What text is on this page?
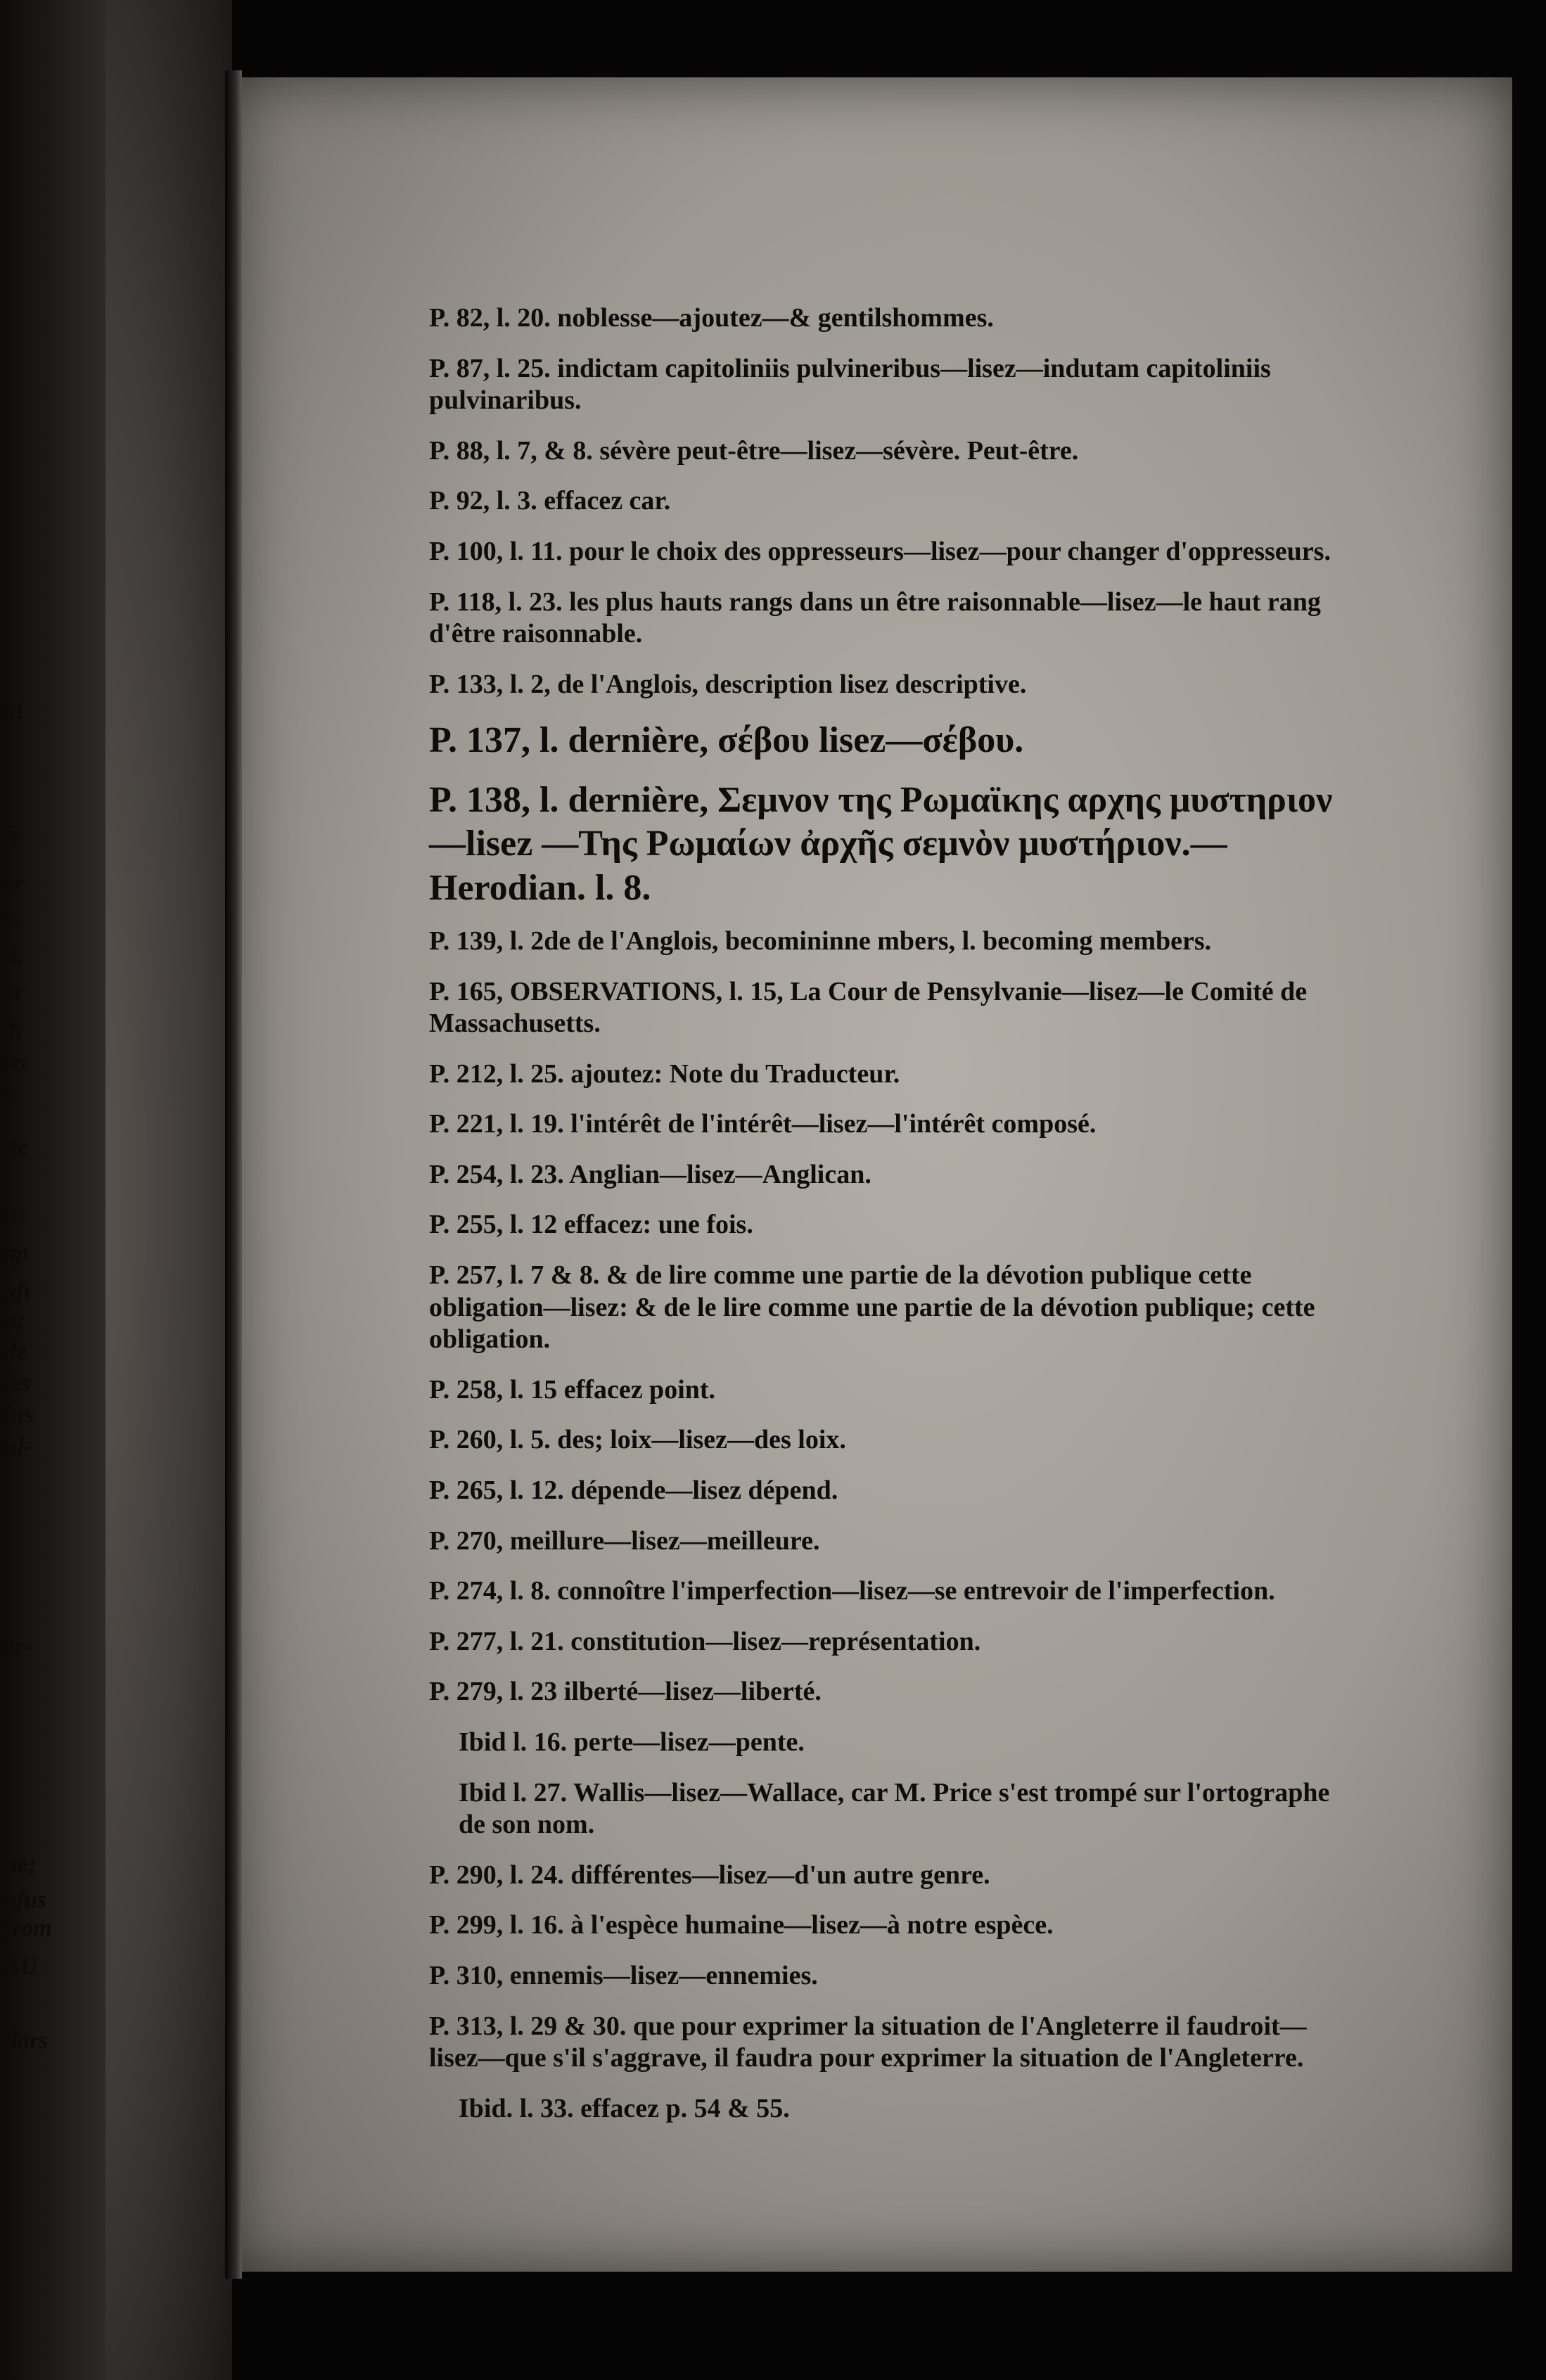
ni
ir
er
s-
n,
er
T,
ro
s-
ite
u-
ap
aft
n;
de
les
ins
ul-
er-
ne;
ofus
from
AU
llars
P. 82, l. 20. noblesse—ajoutez—& gentilshommes.
P. 87, l. 25. indictam capitoliniis pulvineribus—lisez—indutam capitoliniis pulvinaribus.
P. 88, l. 7, & 8. sévère peut-être—lisez—sévère. Peut-être.
P. 92, l. 3. effacez car.
P. 100, l. 11. pour le choix des oppresseurs—lisez—pour changer d'oppresseurs.
P. 118, l. 23. les plus hauts rangs dans un être raisonnable—lisez—le haut rang d'être raisonnable.
P. 133, l. 2, de l'Anglois, description lisez descriptive.
P. 137, l. dernière, σέβου lisez—σέβου.
P. 138, l. dernière, Σεμνον της Ρωμαϊκης αρχης μυστηριον—lisez —Της Ρωμαίων ἀρχῆς σεμνὸν μυστήριον.—Herodian. l. 8.
P. 139, l. 2de de l'Anglois, becomininne mbers, l. becoming members.
P. 165, OBSERVATIONS, l. 15, La Cour de Pensylvanie—lisez—le Comité de Massachusetts.
P. 212, l. 25. ajoutez: Note du Traducteur.
P. 221, l. 19. l'intérêt de l'intérêt—lisez—l'intérêt composé.
P. 254, l. 23. Anglian—lisez—Anglican.
P. 255, l. 12 effacez: une fois.
P. 257, l. 7 & 8. & de lire comme une partie de la dévotion publique cette obligation—lisez: & de le lire comme une partie de la dévotion publique; cette obligation.
P. 258, l. 15 effacez point.
P. 260, l. 5. des; loix—lisez—des loix.
P. 265, l. 12. dépende—lisez dépend.
P. 270, meillure—lisez—meilleure.
P. 274, l. 8. connoître l'imperfection—lisez—se entrevoir de l'imperfection.
P. 277, l. 21. constitution—lisez—représentation.
P. 279, l. 23 ilberté—lisez—liberté.
Ibid l. 16. perte—lisez—pente.
Ibid l. 27. Wallis—lisez—Wallace, car M. Price s'est trompé sur l'ortographe de son nom.
P. 290, l. 24. différentes—lisez—d'un autre genre.
P. 299, l. 16. à l'espèce humaine—lisez—à notre espèce.
P. 310, ennemis—lisez—ennemies.
P. 313, l. 29 & 30. que pour exprimer la situation de l'Angleterre il faudroit—lisez—que s'il s'aggrave, il faudra pour exprimer la situation de l'Angleterre.
Ibid. l. 33. effacez p. 54 & 55.
